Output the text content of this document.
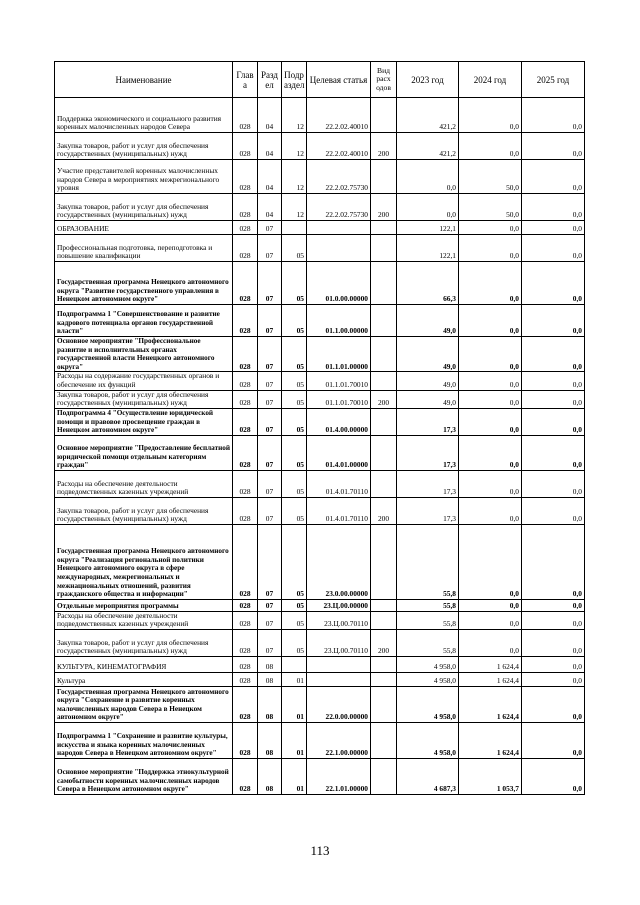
Наименование	Глав а	Разд ел	Подр аздел	Целевая статья	Вид расх одов	2023 год	2024 год	2025 год
Поддержка экономического и социального развития коренных малочисленных народов Севера	028	04	12	22.2.02.40010		421,2	0,0	0,0
Закупка товаров, работ и услуг для обеспечения государственных (муниципальных) нужд	028	04	12	22.2.02.40010	200	421,2	0,0	0,0
Участие представителей коренных малочисленных народов Севера в мероприятиях межрегионального уровня	028	04	12	22.2.02.75730		0,0	50,0	0,0
Закупка товаров, работ и услуг для обеспечения государственных (муниципальных) нужд	028	04	12	22.2.02.75730	200	0,0	50,0	0,0
ОБРАЗОВАНИЕ	028	07				122,1	0,0	0,0
Профессиональная подготовка, переподготовка и повышение квалификации	028	07	05			122,1	0,0	0,0
Государственная программа Ненецкого автономного округа "Развитие государственного управления в Ненецком автономном округе"	028	07	05	01.0.00.00000		66,3	0,0	0,0
Подпрограмма 1 "Совершенствование и развитие кадрового потенциала органов государственной власти"	028	07	05	01.1.00.00000		49,0	0,0	0,0
Основное мероприятие "Профессиональное развитие и исполнительных органах государственной власти Ненецкого автономного округа"	028	07	05	01.1.01.00000		49,0	0,0	0,0
Расходы на содержание государственных органов и обеспечение их функций	028	07	05	01.1.01.70010		49,0	0,0	0,0
Закупка товаров, работ и услуг для обеспечения государственных (муниципальных) нужд	028	07	05	01.1.01.70010	200	49,0	0,0	0,0
Подпрограмма 4 "Осуществление юридической помощи и правовое просвещение граждан в Ненецком автономном округе"	028	07	05	01.4.00.00000		17,3	0,0	0,0
Основное мероприятие "Предоставление бесплатной юридической помощи отдельным категориям граждан"	028	07	05	01.4.01.00000		17,3	0,0	0,0
Расходы на обеспечение деятельности подведомственных казенных учреждений	028	07	05	01.4.01.70110		17,3	0,0	0,0
Закупка товаров, работ и услуг для обеспечения государственных (муниципальных) нужд	028	07	05	01.4.01.70110	200	17,3	0,0	0,0
Государственная программа Ненецкого автономного округа "Реализация региональной политики Ненецкого автономного округа в сфере международных, межрегиональных и межнациональных отношений, развития гражданского общества и информации"	028	07	05	23.0.00.00000		55,8	0,0	0,0
Отдельные мероприятия программы	028	07	05	23.Ц.00.00000		55,8	0,0	0,0
Расходы на обеспечение деятельности подведомственных казенных учреждений	028	07	05	23.Ц.00.70110		55,8	0,0	0,0
Закупка товаров, работ и услуг для обеспечения государственных (муниципальных) нужд	028	07	05	23.Ц.00.70110	200	55,8	0,0	0,0
КУЛЬТУРА, КИНЕМАТОГРАФИЯ	028	08				4 958,0	1 624,4	0,0
Культура	028	08	01			4 958,0	1 624,4	0,0
Государственная программа Ненецкого автономного округа "Сохранение и развитие коренных малочисленных народов Севера в Ненецком автономном округе"	028	08	01	22.0.00.00000		4 958,0	1 624,4	0,0
Подпрограмма 1 "Сохранение и развитие культуры, искусства и языка коренных малочисленных народов Севера в Ненецком автономном округе"	028	08	01	22.1.00.00000		4 958,0	1 624,4	0,0
Основное мероприятие "Поддержка этнокультурной самобытности коренных малочисленных народов Севера в Ненецком автономном округе"	028	08	01	22.1.01.00000		4 687,3	1 053,7	0,0
113
